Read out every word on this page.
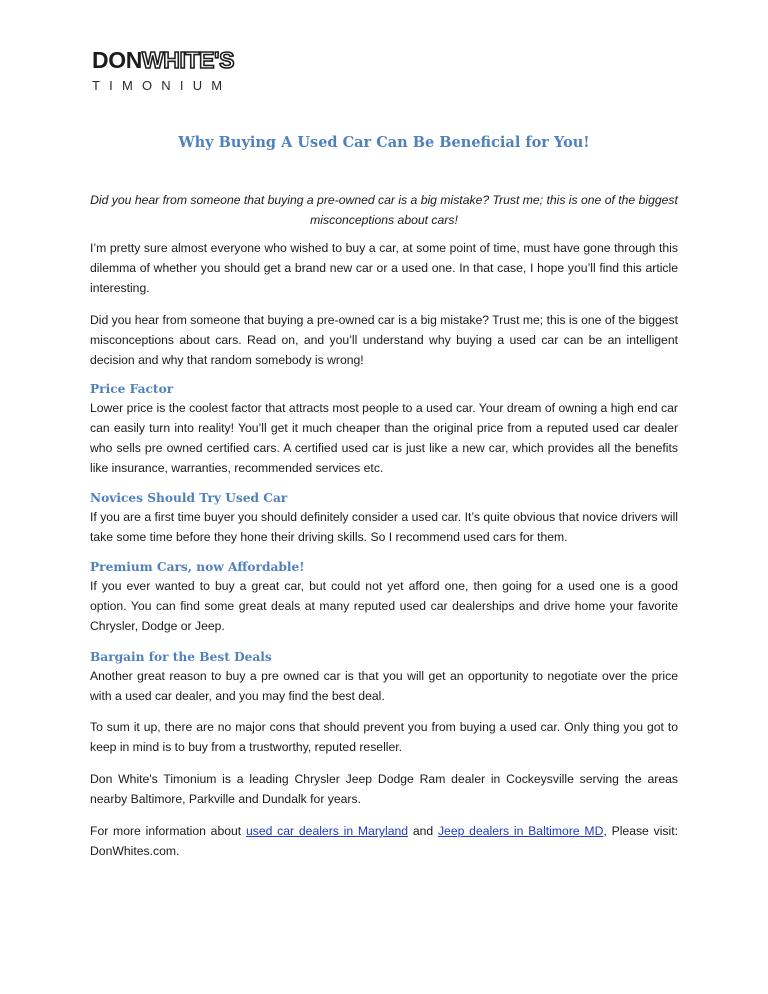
DONWHITE'S
TIMONIUM
Why Buying A Used Car Can Be Beneficial for You!

Did you hear from someone that buying a pre-owned car is a big mistake? Trust me; this is one of the biggest misconceptions about cars!

I’m pretty sure almost everyone who wished to buy a car, at some point of time, must have gone through this dilemma of whether you should get a brand new car or a used one. In that case, I hope you’ll find this article interesting.

Did you hear from someone that buying a pre-owned car is a big mistake? Trust me; this is one of the biggest misconceptions about cars. Read on, and you’ll understand why buying a used car can be an intelligent decision and why that random somebody is wrong!

Price Factor

Lower price is the coolest factor that attracts most people to a used car. Your dream of owning a high end car can easily turn into reality! You’ll get it much cheaper than the original price from a reputed used car dealer who sells pre owned certified cars. A certified used car is just like a new car, which provides all the benefits like insurance, warranties, recommended services etc.

Novices Should Try Used Car

If you are a first time buyer you should definitely consider a used car. It’s quite obvious that novice drivers will take some time before they hone their driving skills. So I recommend used cars for them.

Premium Cars, now Affordable!

If you ever wanted to buy a great car, but could not yet afford one, then going for a used one is a good option. You can find some great deals at many reputed used car dealerships and drive home your favorite Chrysler, Dodge or Jeep.

Bargain for the Best Deals

Another great reason to buy a pre owned car is that you will get an opportunity to negotiate over the price with a used car dealer, and you may find the best deal.

To sum it up, there are no major cons that should prevent you from buying a used car. Only thing you got to keep in mind is to buy from a trustworthy, reputed reseller.

Don White's Timonium is a leading Chrysler Jeep Dodge Ram dealer in Cockeysville serving the areas nearby Baltimore, Parkville and Dundalk for years.

For more information about used car dealers in Maryland and Jeep dealers in Baltimore MD, Please visit: DonWhites.com.
